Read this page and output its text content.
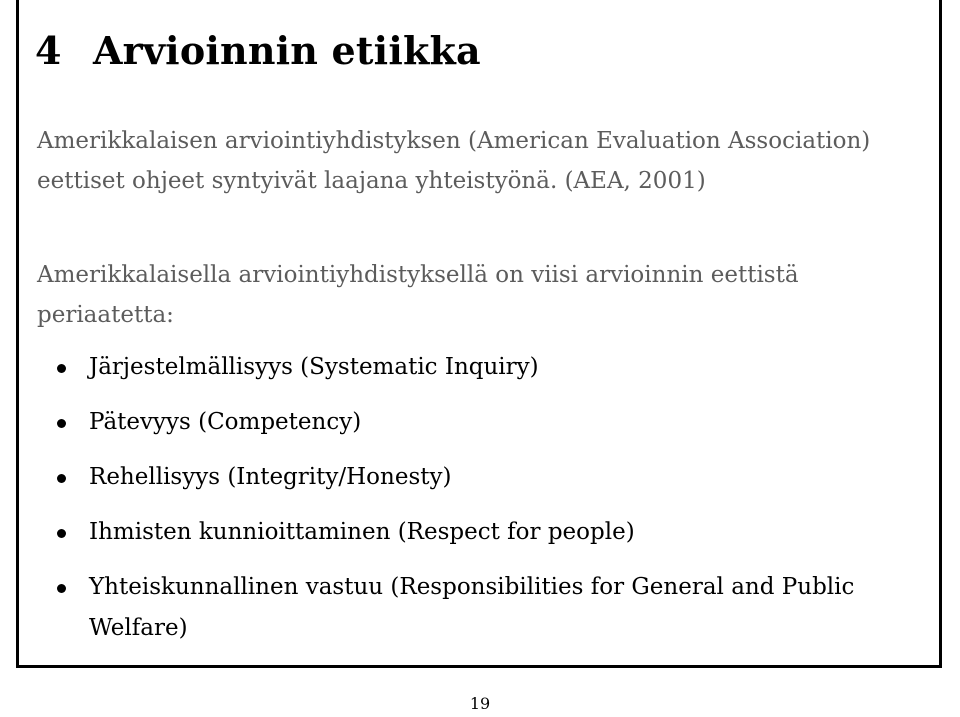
4 Arvioinnin etiikka

Amerikkalaisen arviointiyhdistyksen (American Evaluation Association) eettiset ohjeet syntyivät laajana yhteistyönä. (AEA, 2001)

Amerikkalaisella arviointiyhdistyksellä on viisi arvioinnin eettistä periaatetta:

Järjestelmällisyys (Systematic Inquiry)
Pätevyys (Competency)
Rehellisyys (Integrity/Honesty)
Ihmisten kunnioittaminen (Respect for people)
Yhteiskunnallinen vastuu (Responsibilities for General and Public Welfare)
19
